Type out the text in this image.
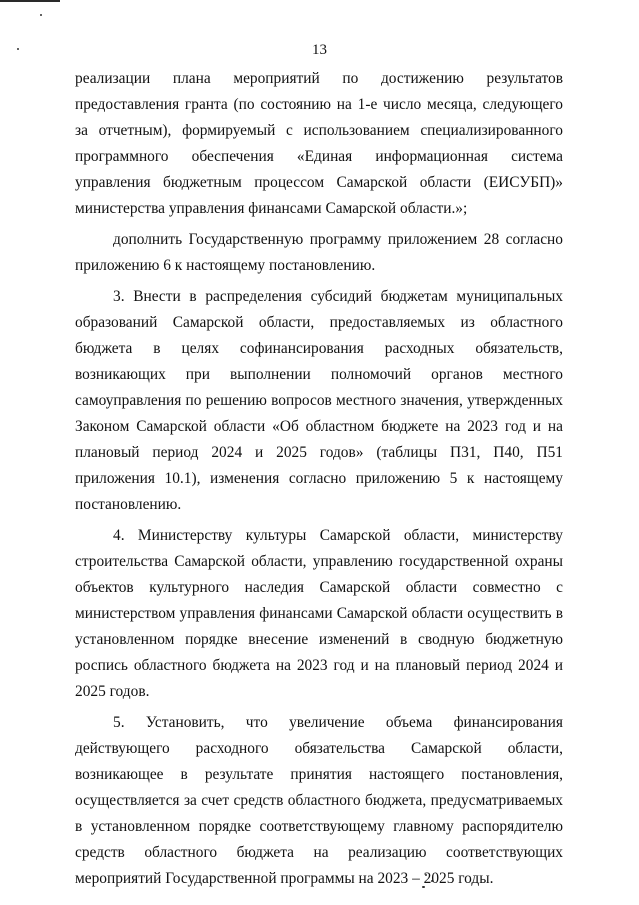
13

реализации плана мероприятий по достижению результатов предоставления гранта (по состоянию на 1-е число месяца, следующего за отчетным), формируемый с использованием специализированного программного обеспечения «Единая информационная система управления бюджетным процессом Самарской области (ЕИСУБП)» министерства управления финансами Самарской области.»;

дополнить Государственную программу приложением 28 согласно приложению 6 к настоящему постановлению.

3. Внести в распределения субсидий бюджетам муниципальных образований Самарской области, предоставляемых из областного бюджета в целях софинансирования расходных обязательств, возникающих при выполнении полномочий органов местного самоуправления по решению вопросов местного значения, утвержденных Законом Самарской области «Об областном бюджете на 2023 год и на плановый период 2024 и 2025 годов» (таблицы П31, П40, П51 приложения 10.1), изменения согласно приложению 5 к настоящему постановлению.

4. Министерству культуры Самарской области, министерству строительства Самарской области, управлению государственной охраны объектов культурного наследия Самарской области совместно с министерством управления финансами Самарской области осуществить в установленном порядке внесение изменений в сводную бюджетную роспись областного бюджета на 2023 год и на плановый период 2024 и 2025 годов.

5. Установить, что увеличение объема финансирования действующего расходного обязательства Самарской области, возникающее в результате принятия настоящего постановления, осуществляется за счет средств областного бюджета, предусматриваемых в установленном порядке соответствующему главному распорядителю средств областного бюджета на реализацию соответствующих мероприятий Государственной программы на 2023 – 2025 годы.
